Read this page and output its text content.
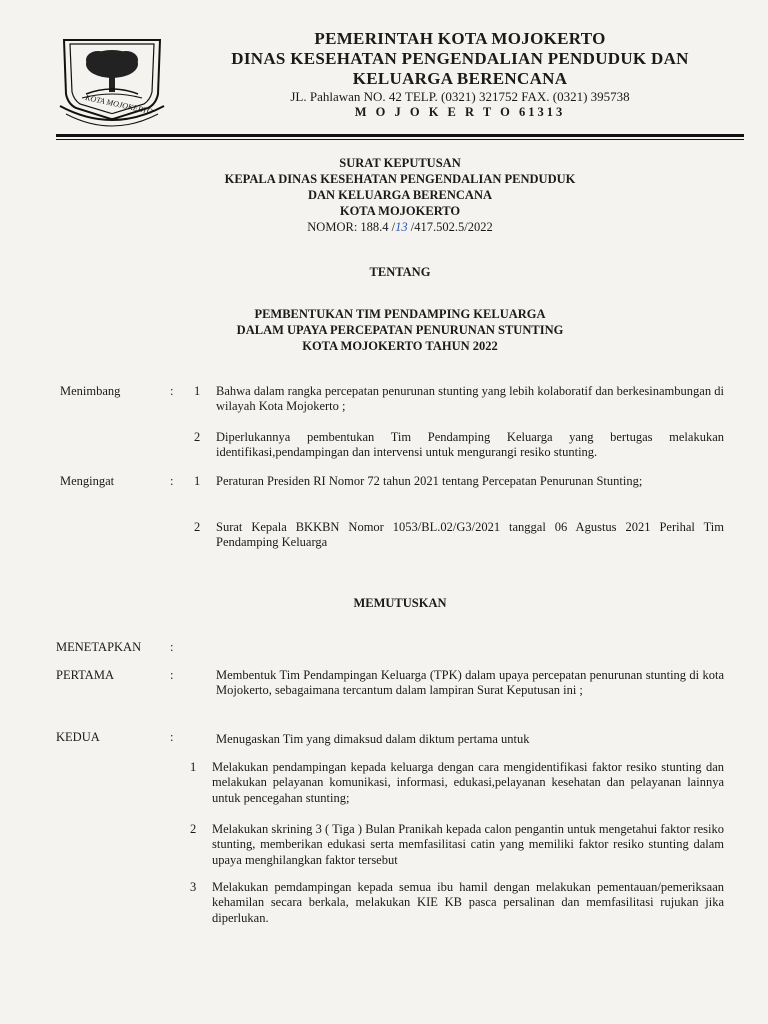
KOTA MOJOKERTO
PEMERINTAH KOTA MOJOKERTO
DINAS KESEHATAN PENGENDALIAN PENDUDUK DAN
KELUARGA BERENCANA
JL. Pahlawan NO. 42 TELP. (0321) 321752 FAX. (0321) 395738
M O J O K E R T O 61313
SURAT KEPUTUSAN
KEPALA DINAS KESEHATAN PENGENDALIAN PENDUDUK
DAN KELUARGA BERENCANA
KOTA MOJOKERTO
NOMOR: 188.4 /13 /417.502.5/2022
TENTANG
PEMBENTUKAN TIM PENDAMPING KELUARGA
DALAM UPAYA PERCEPATAN PENURUNAN STUNTING
KOTA MOJOKERTO TAHUN 2022
Menimbang	: 1 Bahwa dalam rangka percepatan penurunan stunting yang lebih kolaboratif dan berkesinambungan di wilayah Kota Mojokerto ;
2 Diperlukannya pembentukan Tim Pendamping Keluarga yang bertugas melakukan identifikasi,pendampingan dan intervensi untuk mengurangi resiko stunting.
Mengingat	: 1 Peraturan Presiden RI Nomor 72 tahun 2021 tentang Percepatan Penurunan Stunting;
2 Surat Kepala BKKBN Nomor 1053/BL.02/G3/2021 tanggal 06 Agustus 2021 Perihal Tim Pendamping Keluarga
MEMUTUSKAN
MENETAPKAN :
PERTAMA	:	Membentuk Tim Pendampingan Keluarga (TPK) dalam upaya percepatan penurunan stunting di kota Mojokerto, sebagaimana tercantum dalam lampiran Surat Keputusan ini ;
KEDUA	:	Menugaskan Tim yang dimaksud dalam diktum pertama untuk
1 Melakukan pendampingan kepada keluarga dengan cara mengidentifikasi faktor resiko stunting dan melakukan pelayanan komunikasi, informasi, edukasi,pelayanan kesehatan dan pelayanan lainnya untuk pencegahan stunting;
2 Melakukan skrining 3 ( Tiga ) Bulan Pranikah kepada calon pengantin untuk mengetahui faktor resiko stunting, memberikan edukasi serta memfasilitasi catin yang memiliki faktor resiko stunting dalam upaya menghilangkan faktor tersebut
3 Melakukan pemdampingan kepada semua ibu hamil dengan melakukan pementauan/pemeriksaan kehamilan secara berkala, melakukan KIE KB pasca persalinan dan memfasilitasi rujukan jika diperlukan.
